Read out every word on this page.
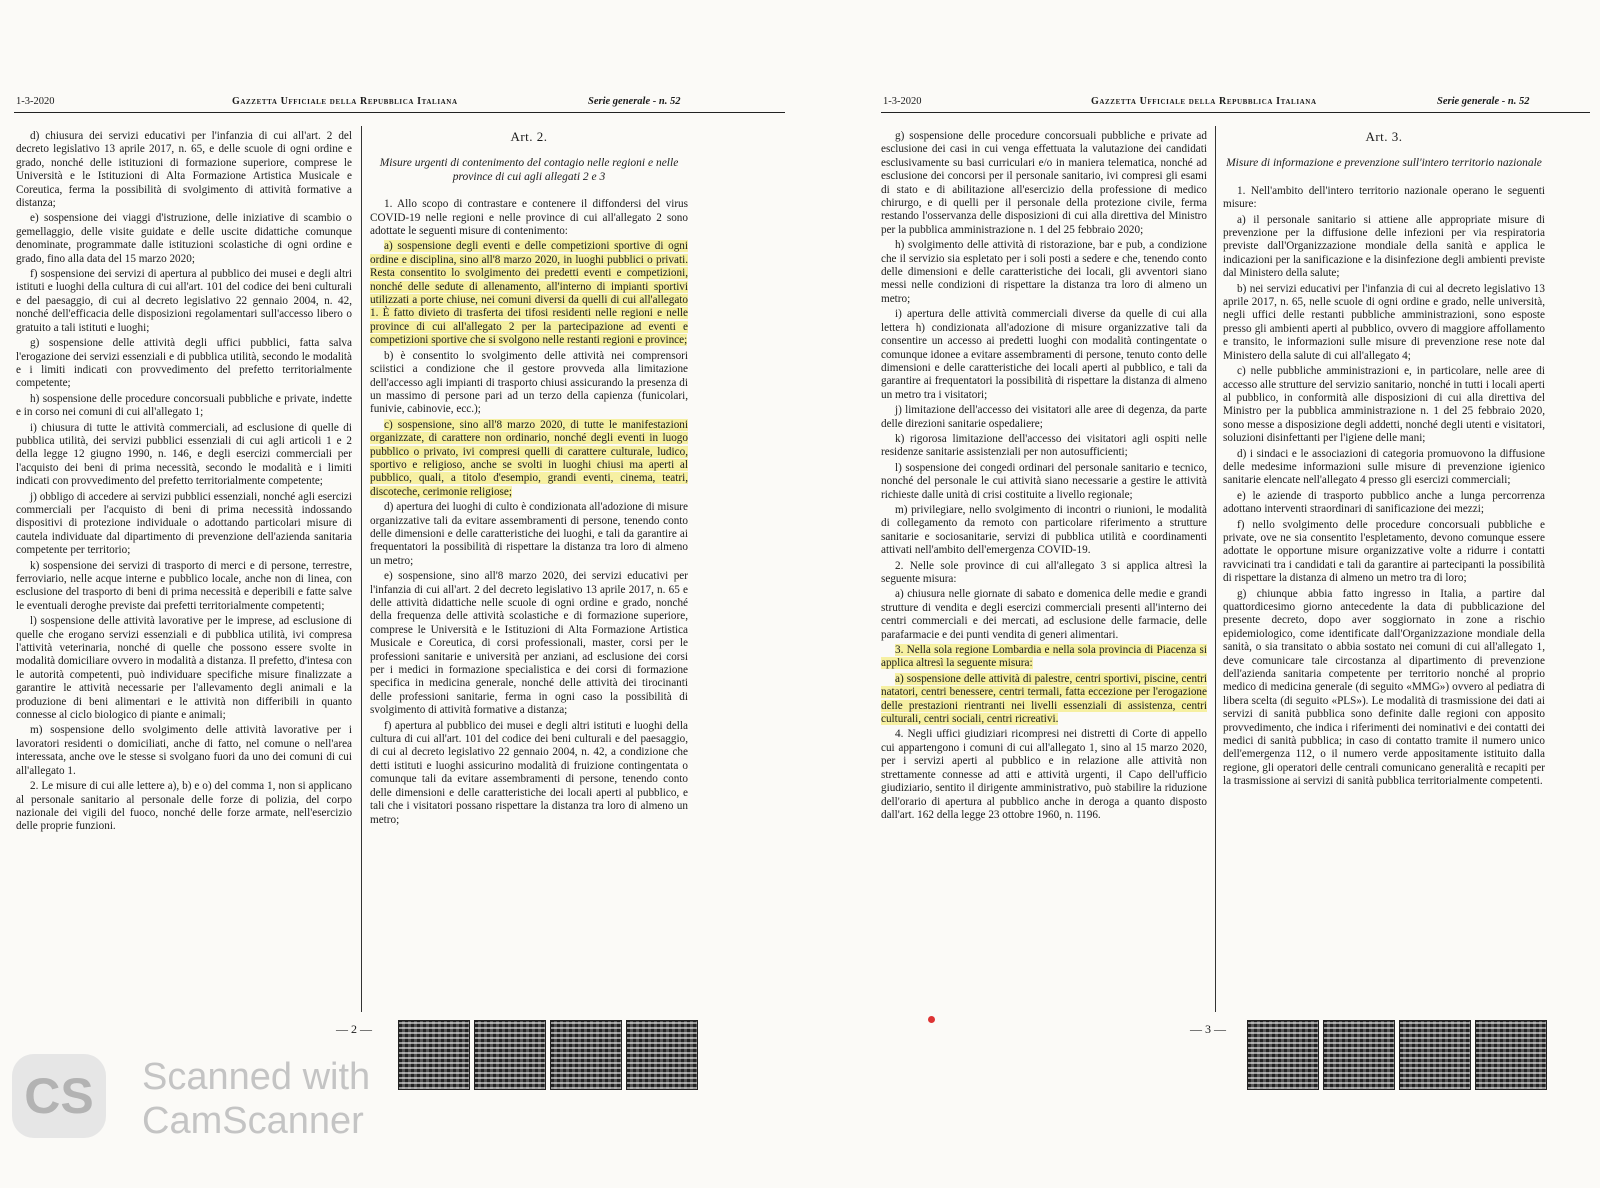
1-3-2020	Gazzetta Ufficiale della Repubblica Italiana	Serie generale - n. 52

d) chiusura dei servizi educativi per l'infanzia di cui all'art. 2 del decreto legislativo 13 aprile 2017, n. 65, e delle scuole di ogni ordine e grado, nonché delle istituzioni di formazione superiore, comprese le Università e le Istituzioni di Alta Formazione Artistica Musicale e Coreutica, ferma la possibilità di svolgimento di attività formative a distanza;

e) sospensione dei viaggi d'istruzione, delle iniziative di scambio o gemellaggio, delle visite guidate e delle uscite didattiche comunque denominate, programmate dalle istituzioni scolastiche di ogni ordine e grado, fino alla data del 15 marzo 2020;

f) sospensione dei servizi di apertura al pubblico dei musei e degli altri istituti e luoghi della cultura di cui all'art. 101 del codice dei beni culturali e del paesaggio, di cui al decreto legislativo 22 gennaio 2004, n. 42, nonché dell'efficacia delle disposizioni regolamentari sull'accesso libero o gratuito a tali istituti e luoghi;

g) sospensione delle attività degli uffici pubblici, fatta salva l'erogazione dei servizi essenziali e di pubblica utilità, secondo le modalità e i limiti indicati con provvedimento del prefetto territorialmente competente;

h) sospensione delle procedure concorsuali pubbliche e private, indette e in corso nei comuni di cui all'allegato 1;

i) chiusura di tutte le attività commerciali, ad esclusione di quelle di pubblica utilità, dei servizi pubblici essenziali di cui agli articoli 1 e 2 della legge 12 giugno 1990, n. 146, e degli esercizi commerciali per l'acquisto dei beni di prima necessità, secondo le modalità e i limiti indicati con provvedimento del prefetto territorialmente competente;

j) obbligo di accedere ai servizi pubblici essenziali, nonché agli esercizi commerciali per l'acquisto di beni di prima necessità indossando dispositivi di protezione individuale o adottando particolari misure di cautela individuate dal dipartimento di prevenzione dell'azienda sanitaria competente per territorio;

k) sospensione dei servizi di trasporto di merci e di persone, terrestre, ferroviario, nelle acque interne e pubblico locale, anche non di linea, con esclusione del trasporto di beni di prima necessità e deperibili e fatte salve le eventuali deroghe previste dai prefetti territorialmente competenti;

l) sospensione delle attività lavorative per le imprese, ad esclusione di quelle che erogano servizi essenziali e di pubblica utilità, ivi compresa l'attività veterinaria, nonché di quelle che possono essere svolte in modalità domiciliare ovvero in modalità a distanza. Il prefetto, d'intesa con le autorità competenti, può individuare specifiche misure finalizzate a garantire le attività necessarie per l'allevamento degli animali e la produzione di beni alimentari e le attività non differibili in quanto connesse al ciclo biologico di piante e animali;

m) sospensione dello svolgimento delle attività lavorative per i lavoratori residenti o domiciliati, anche di fatto, nel comune o nell'area interessata, anche ove le stesse si svolgano fuori da uno dei comuni di cui all'allegato 1.

2. Le misure di cui alle lettere a), b) e o) del comma 1, non si applicano al personale sanitario al personale delle forze di polizia, del corpo nazionale dei vigili del fuoco, nonché delle forze armate, nell'esercizio delle proprie funzioni.

Art. 2.
Misure urgenti di contenimento del contagio nelle regioni e nelle province di cui agli allegati 2 e 3

1. Allo scopo di contrastare e contenere il diffondersi del virus COVID-19 nelle regioni e nelle province di cui all'allegato 2 sono adottate le seguenti misure di contenimento:

a) sospensione degli eventi e delle competizioni sportive di ogni ordine e disciplina, sino all'8 marzo 2020, in luoghi pubblici o privati. Resta consentito lo svolgimento dei predetti eventi e competizioni, nonché delle sedute di allenamento, all'interno di impianti sportivi utilizzati a porte chiuse, nei comuni diversi da quelli di cui all'allegato 1. È fatto divieto di trasferta dei tifosi residenti nelle regioni e nelle province di cui all'allegato 2 per la partecipazione ad eventi e competizioni sportive che si svolgono nelle restanti regioni e province;

b) è consentito lo svolgimento delle attività nei comprensori sciistici a condizione che il gestore provveda alla limitazione dell'accesso agli impianti di trasporto chiusi assicurando la presenza di un massimo di persone pari ad un terzo della capienza (funicolari, funivie, cabinovie, ecc.);

c) sospensione, sino all'8 marzo 2020, di tutte le manifestazioni organizzate, di carattere non ordinario, nonché degli eventi in luogo pubblico o privato, ivi compresi quelli di carattere culturale, ludico, sportivo e religioso, anche se svolti in luoghi chiusi ma aperti al pubblico, quali, a titolo d'esempio, grandi eventi, cinema, teatri, discoteche, cerimonie religiose;

d) apertura dei luoghi di culto è condizionata all'adozione di misure organizzative tali da evitare assembramenti di persone, tenendo conto delle dimensioni e delle caratteristiche dei luoghi, e tali da garantire ai frequentatori la possibilità di rispettare la distanza tra loro di almeno un metro;

e) sospensione, sino all'8 marzo 2020, dei servizi educativi per l'infanzia di cui all'art. 2 del decreto legislativo 13 aprile 2017, n. 65 e delle attività didattiche nelle scuole di ogni ordine e grado, nonché della frequenza delle attività scolastiche e di formazione superiore, comprese le Università e le Istituzioni di Alta Formazione Artistica Musicale e Coreutica, di corsi professionali, master, corsi per le professioni sanitarie e università per anziani, ad esclusione dei corsi per i medici in formazione specialistica e dei corsi di formazione specifica in medicina generale, nonché delle attività dei tirocinanti delle professioni sanitarie, ferma in ogni caso la possibilità di svolgimento di attività formative a distanza;

f) apertura al pubblico dei musei e degli altri istituti e luoghi della cultura di cui all'art. 101 del codice dei beni culturali e del paesaggio, di cui al decreto legislativo 22 gennaio 2004, n. 42, a condizione che detti istituti e luoghi assicurino modalità di fruizione contingentata o comunque tali da evitare assembramenti di persone, tenendo conto delle dimensioni e delle caratteristiche dei locali aperti al pubblico, e tali che i visitatori possano rispettare la distanza tra loro di almeno un metro;

— 2 —
1-3-2020	Gazzetta Ufficiale della Repubblica Italiana	Serie generale - n. 52

g) sospensione delle procedure concorsuali pubbliche e private ad esclusione dei casi in cui venga effettuata la valutazione dei candidati esclusivamente su basi curriculari e/o in maniera telematica, nonché ad esclusione dei concorsi per il personale sanitario, ivi compresi gli esami di stato e di abilitazione all'esercizio della professione di medico chirurgo, e di quelli per il personale della protezione civile, ferma restando l'osservanza delle disposizioni di cui alla direttiva del Ministro per la pubblica amministrazione n. 1 del 25 febbraio 2020;

h) svolgimento delle attività di ristorazione, bar e pub, a condizione che il servizio sia espletato per i soli posti a sedere e che, tenendo conto delle dimensioni e delle caratteristiche dei locali, gli avventori siano messi nelle condizioni di rispettare la distanza tra loro di almeno un metro;

i) apertura delle attività commerciali diverse da quelle di cui alla lettera h) condizionata all'adozione di misure organizzative tali da consentire un accesso ai predetti luoghi con modalità contingentate o comunque idonee a evitare assembramenti di persone, tenuto conto delle dimensioni e delle caratteristiche dei locali aperti al pubblico, e tali da garantire ai frequentatori la possibilità di rispettare la distanza di almeno un metro tra i visitatori;

j) limitazione dell'accesso dei visitatori alle aree di degenza, da parte delle direzioni sanitarie ospedaliere;

k) rigorosa limitazione dell'accesso dei visitatori agli ospiti nelle residenze sanitarie assistenziali per non autosufficienti;

l) sospensione dei congedi ordinari del personale sanitario e tecnico, nonché del personale le cui attività siano necessarie a gestire le attività richieste dalle unità di crisi costituite a livello regionale;

m) privilegiare, nello svolgimento di incontri o riunioni, le modalità di collegamento da remoto con particolare riferimento a strutture sanitarie e sociosanitarie, servizi di pubblica utilità e coordinamenti attivati nell'ambito dell'emergenza COVID-19.

2. Nelle sole province di cui all'allegato 3 si applica altresì la seguente misura:

a) chiusura nelle giornate di sabato e domenica delle medie e grandi strutture di vendita e degli esercizi commerciali presenti all'interno dei centri commerciali e dei mercati, ad esclusione delle farmacie, delle parafarmacie e dei punti vendita di generi alimentari.

3. Nella sola regione Lombardia e nella sola provincia di Piacenza si applica altresì la seguente misura:

a) sospensione delle attività di palestre, centri sportivi, piscine, centri natatori, centri benessere, centri termali, fatta eccezione per l'erogazione delle prestazioni rientranti nei livelli essenziali di assistenza, centri culturali, centri sociali, centri ricreativi.

4. Negli uffici giudiziari ricompresi nei distretti di Corte di appello cui appartengono i comuni di cui all'allegato 1, sino al 15 marzo 2020, per i servizi aperti al pubblico e in relazione alle attività non strettamente connesse ad atti e attività urgenti, il Capo dell'ufficio giudiziario, sentito il dirigente amministrativo, può stabilire la riduzione dell'orario di apertura al pubblico anche in deroga a quanto disposto dall'art. 162 della legge 23 ottobre 1960, n. 1196.

Art. 3.
Misure di informazione e prevenzione sull'intero territorio nazionale

1. Nell'ambito dell'intero territorio nazionale operano le seguenti misure:

a) il personale sanitario si attiene alle appropriate misure di prevenzione per la diffusione delle infezioni per via respiratoria previste dall'Organizzazione mondiale della sanità e applica le indicazioni per la sanificazione e la disinfezione degli ambienti previste dal Ministero della salute;

b) nei servizi educativi per l'infanzia di cui al decreto legislativo 13 aprile 2017, n. 65, nelle scuole di ogni ordine e grado, nelle università, negli uffici delle restanti pubbliche amministrazioni, sono esposte presso gli ambienti aperti al pubblico, ovvero di maggiore affollamento e transito, le informazioni sulle misure di prevenzione rese note dal Ministero della salute di cui all'allegato 4;

c) nelle pubbliche amministrazioni e, in particolare, nelle aree di accesso alle strutture del servizio sanitario, nonché in tutti i locali aperti al pubblico, in conformità alle disposizioni di cui alla direttiva del Ministro per la pubblica amministrazione n. 1 del 25 febbraio 2020, sono messe a disposizione degli addetti, nonché degli utenti e visitatori, soluzioni disinfettanti per l'igiene delle mani;

d) i sindaci e le associazioni di categoria promuovono la diffusione delle medesime informazioni sulle misure di prevenzione igienico sanitarie elencate nell'allegato 4 presso gli esercizi commerciali;

e) le aziende di trasporto pubblico anche a lunga percorrenza adottano interventi straordinari di sanificazione dei mezzi;

f) nello svolgimento delle procedure concorsuali pubbliche e private, ove ne sia consentito l'espletamento, devono comunque essere adottate le opportune misure organizzative volte a ridurre i contatti ravvicinati tra i candidati e tali da garantire ai partecipanti la possibilità di rispettare la distanza di almeno un metro tra di loro;

g) chiunque abbia fatto ingresso in Italia, a partire dal quattordicesimo giorno antecedente la data di pubblicazione del presente decreto, dopo aver soggiornato in zone a rischio epidemiologico, come identificate dall'Organizzazione mondiale della sanità, o sia transitato o abbia sostato nei comuni di cui all'allegato 1, deve comunicare tale circostanza al dipartimento di prevenzione dell'azienda sanitaria competente per territorio nonché al proprio medico di medicina generale (di seguito «MMG») ovvero al pediatra di libera scelta (di seguito «PLS»). Le modalità di trasmissione dei dati ai servizi di sanità pubblica sono definite dalle regioni con apposito provvedimento, che indica i riferimenti dei nominativi e dei contatti dei medici di sanità pubblica; in caso di contatto tramite il numero unico dell'emergenza 112, o il numero verde appositamente istituito dalla regione, gli operatori delle centrali comunicano generalità e recapiti per la trasmissione ai servizi di sanità pubblica territorialmente competenti.

— 3 —
CS	Scanned with
CamScanner
